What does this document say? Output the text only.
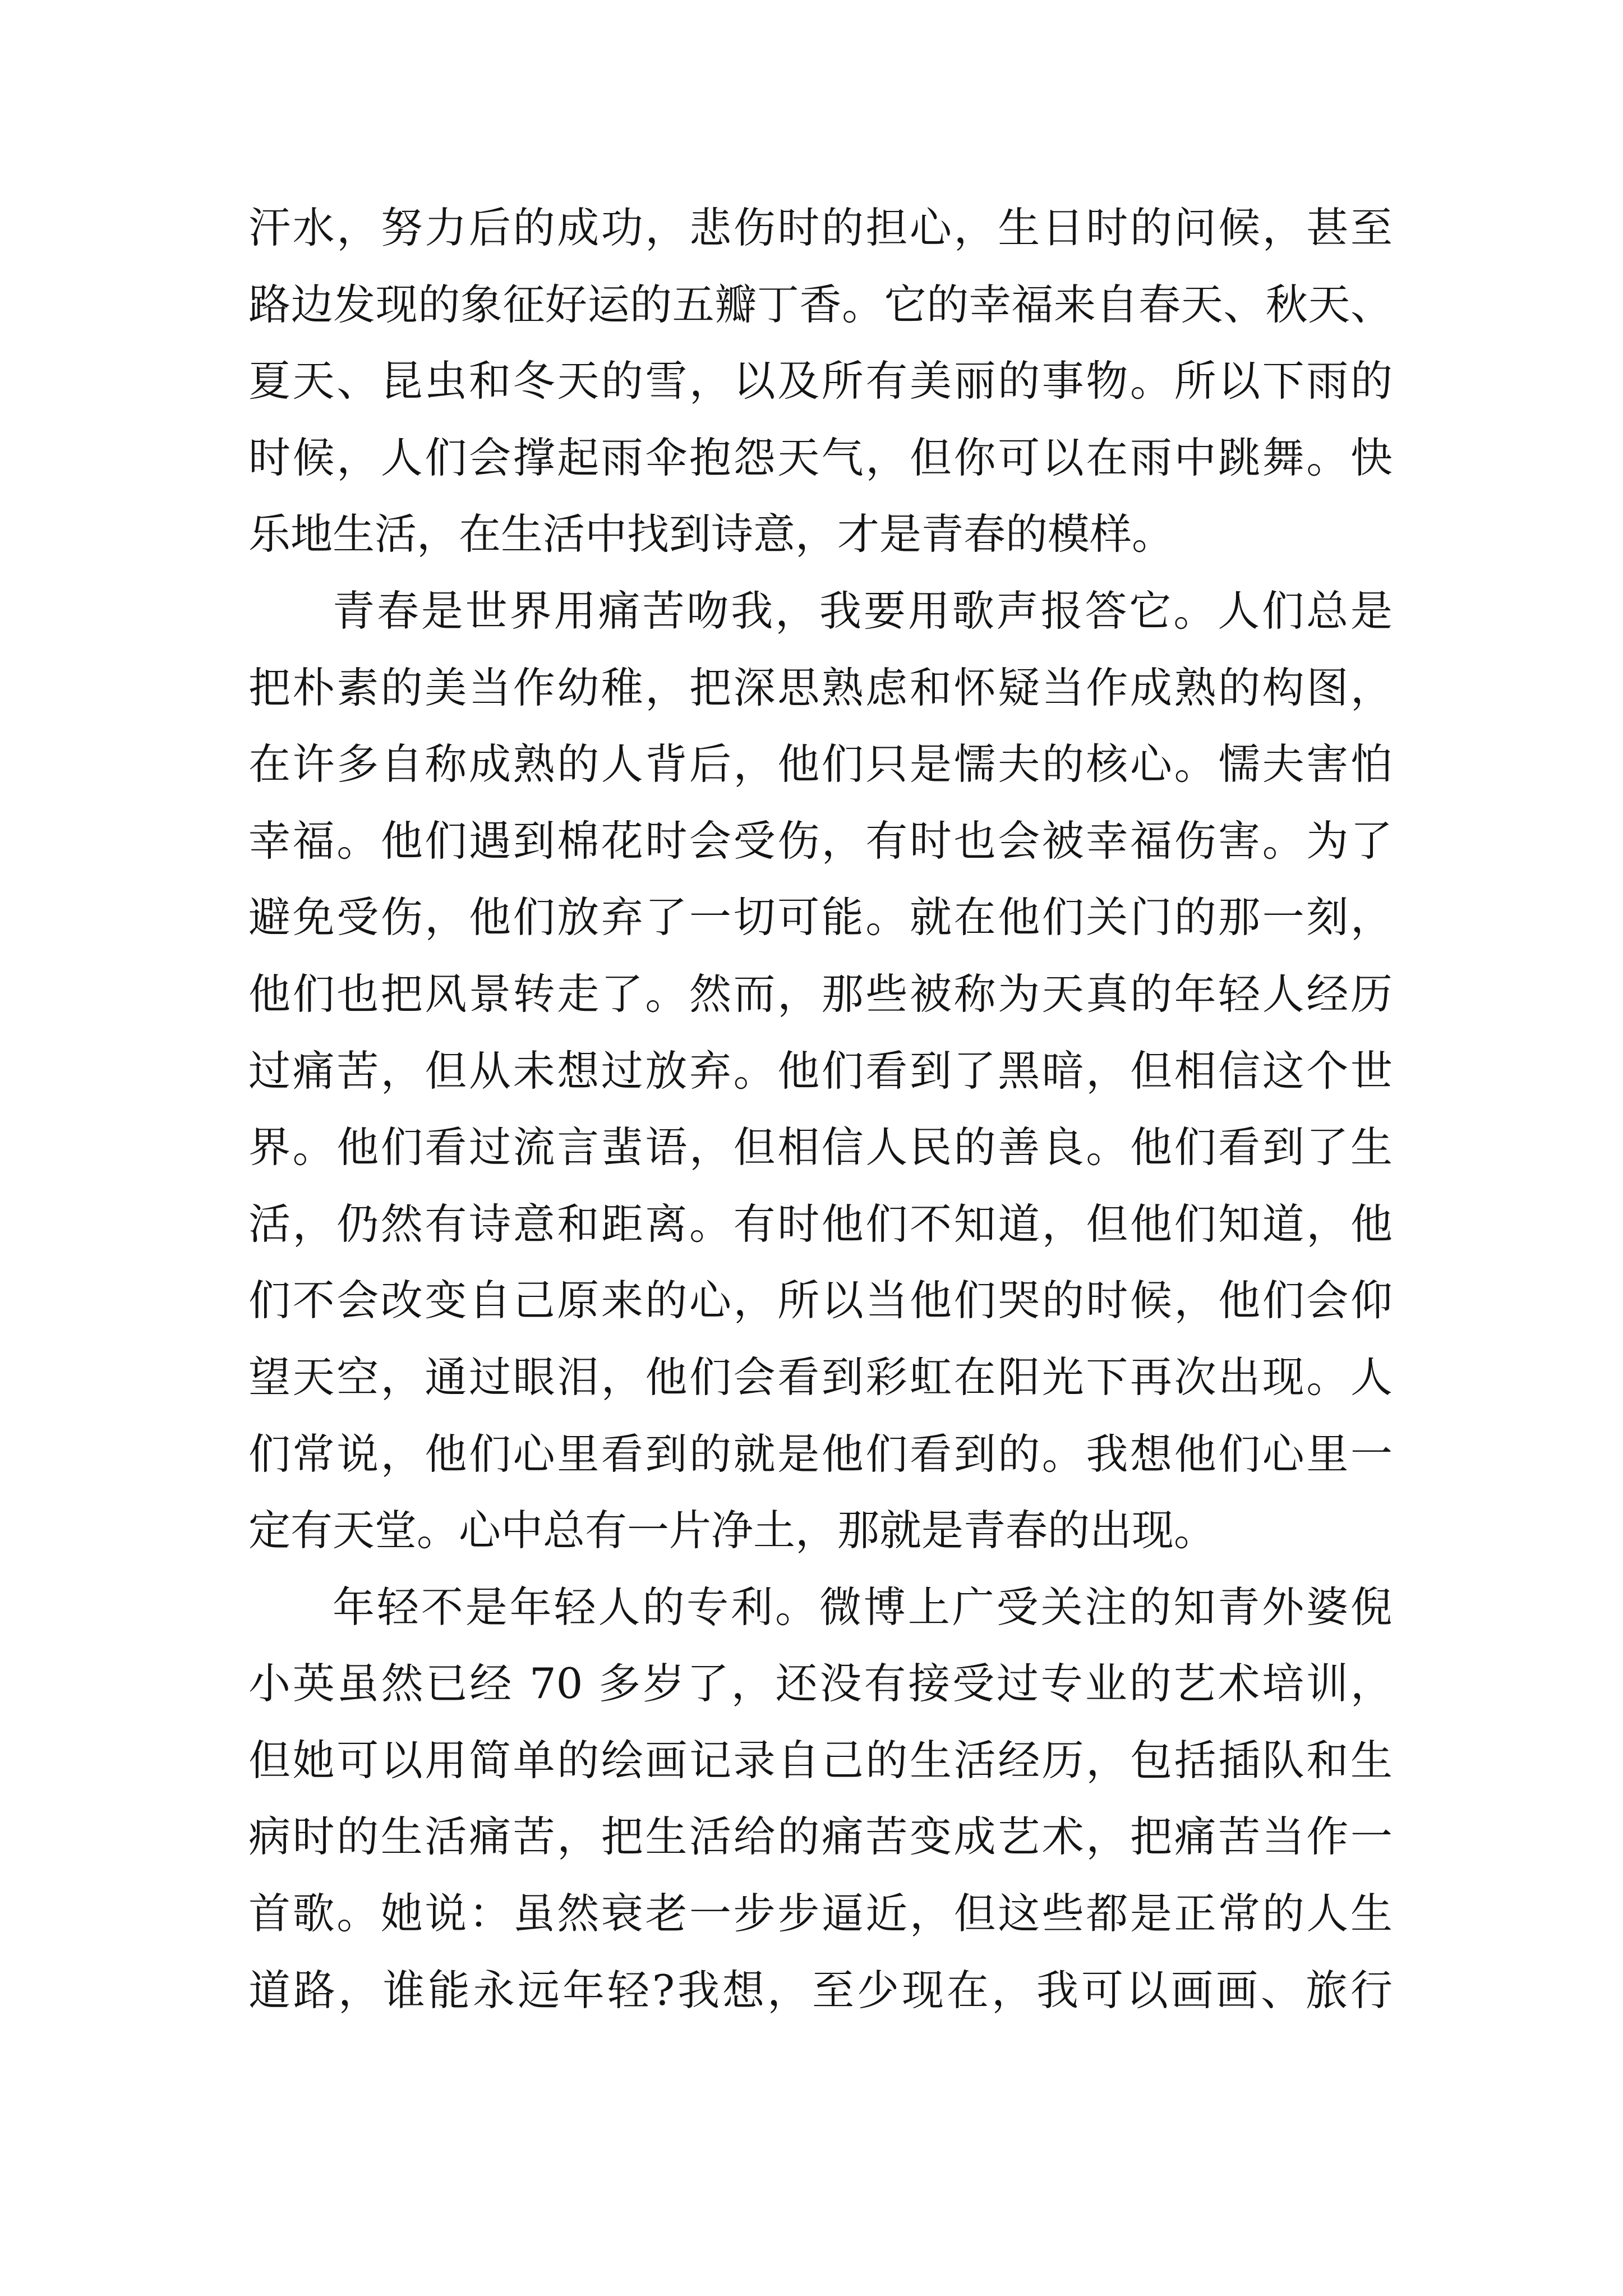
汗水，努力后的成功，悲伤时的担心，生日时的问候，甚至
路边发现的象征好运的五瓣丁香。它的幸福来自春天、秋天、
夏天、昆虫和冬天的雪，以及所有美丽的事物。所以下雨的
时候，人们会撑起雨伞抱怨天气，但你可以在雨中跳舞。快
乐地生活，在生活中找到诗意，才是青春的模样。
青春是世界用痛苦吻我，我要用歌声报答它。人们总是
把朴素的美当作幼稚，把深思熟虑和怀疑当作成熟的构图，
在许多自称成熟的人背后，他们只是懦夫的核心。懦夫害怕
幸福。他们遇到棉花时会受伤，有时也会被幸福伤害。为了
避免受伤，他们放弃了一切可能。就在他们关门的那一刻，
他们也把风景转走了。然而，那些被称为天真的年轻人经历
过痛苦，但从未想过放弃。他们看到了黑暗，但相信这个世
界。他们看过流言蜚语，但相信人民的善良。他们看到了生
活，仍然有诗意和距离。有时他们不知道，但他们知道，他
们不会改变自己原来的心，所以当他们哭的时候，他们会仰
望天空，通过眼泪，他们会看到彩虹在阳光下再次出现。人
们常说，他们心里看到的就是他们看到的。我想他们心里一
定有天堂。心中总有一片净土，那就是青春的出现。
年轻不是年轻人的专利。微博上广受关注的知青外婆倪
小英虽然已经 70 多岁了，还没有接受过专业的艺术培训，
但她可以用简单的绘画记录自己的生活经历，包括插队和生
病时的生活痛苦，把生活给的痛苦变成艺术，把痛苦当作一
首歌。她说：虽然衰老一步步逼近，但这些都是正常的人生
道路，谁能永远年轻?我想，至少现在，我可以画画、旅行
